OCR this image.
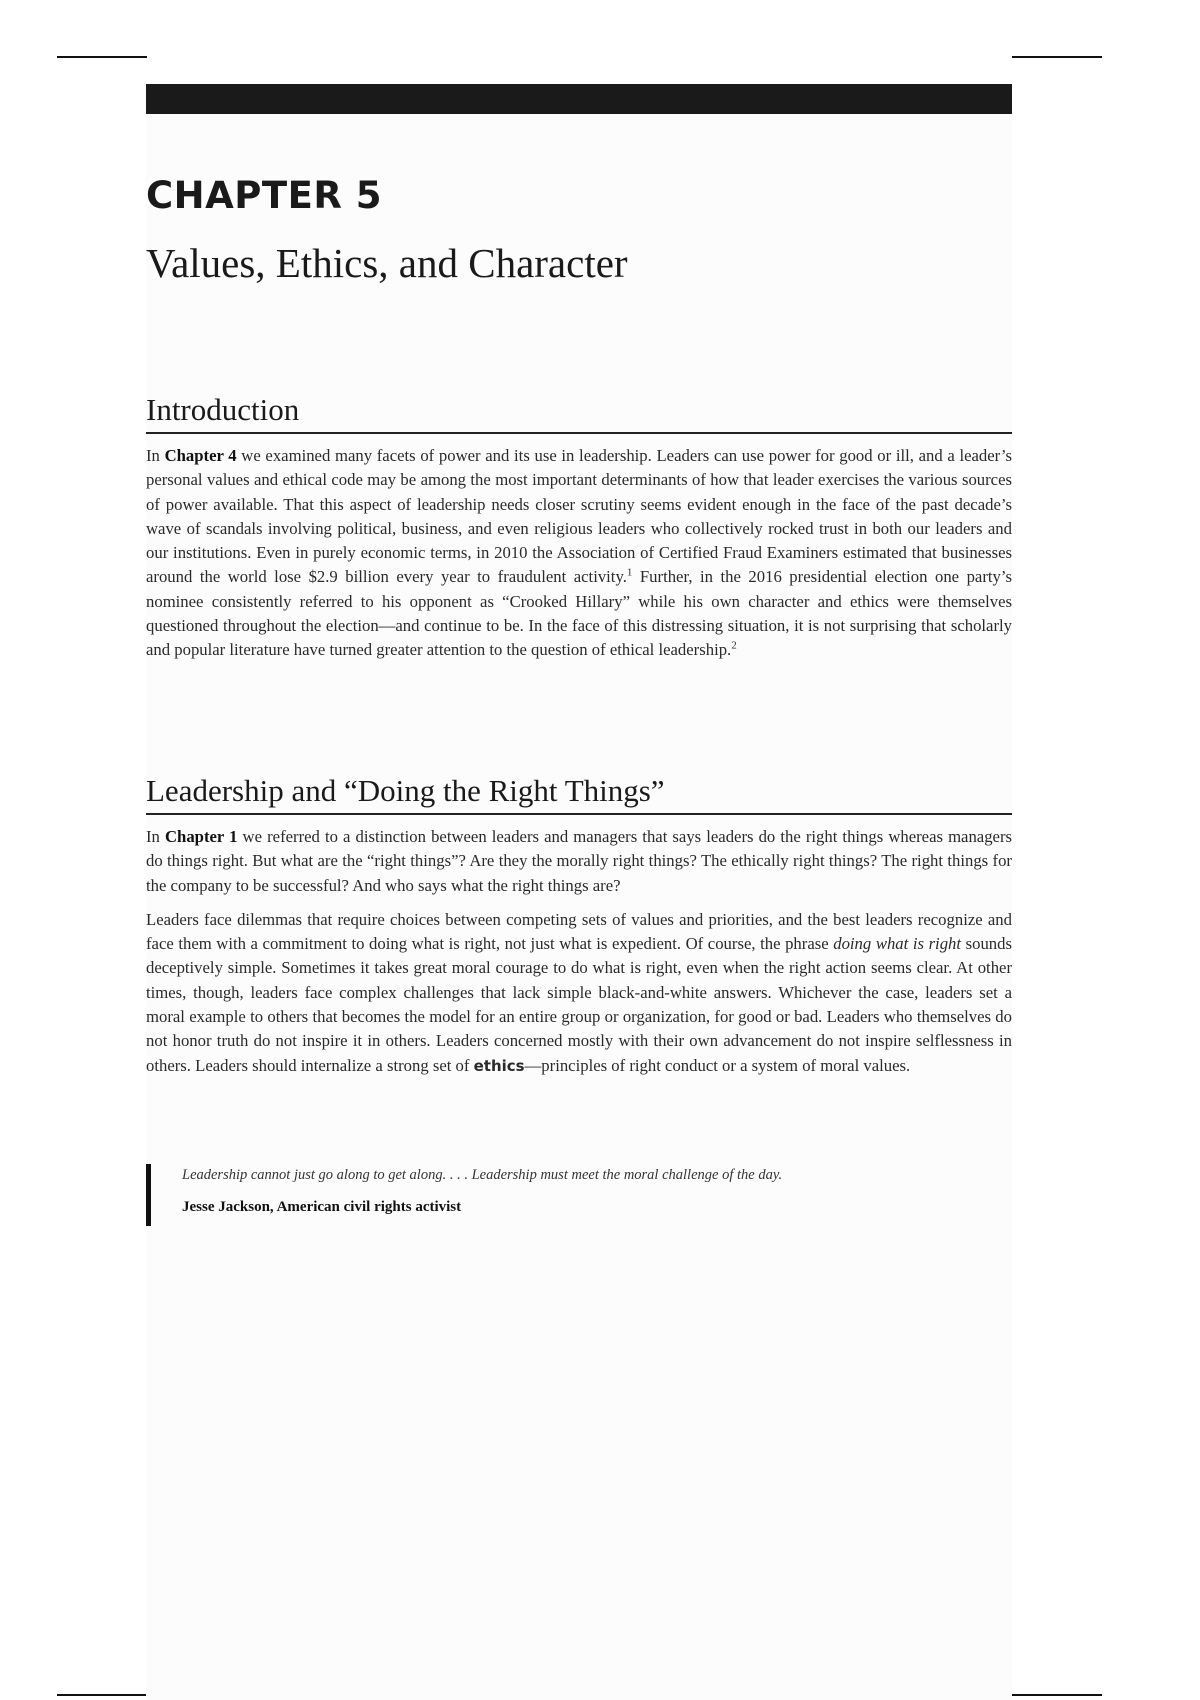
CHAPTER 5
Values, Ethics, and Character
Introduction

In Chapter 4 we examined many facets of power and its use in leadership. Leaders can use power for good or ill, and a leader’s personal values and ethical code may be among the most important determinants of how that leader exercises the various sources of power available. That this aspect of leadership needs closer scrutiny seems evident enough in the face of the past decade’s wave of scandals involving political, business, and even religious leaders who collectively rocked trust in both our leaders and our institutions. Even in purely economic terms, in 2010 the Association of Certified Fraud Examiners estimated that businesses around the world lose $2.9 billion every year to fraudulent activity.$^1$ Further, in the 2016 presidential election one party’s nominee consistently referred to his opponent as “Crooked Hillary” while his own character and ethics were themselves questioned throughout the election—and continue to be. In the face of this distressing situation, it is not surprising that scholarly and popular literature have turned greater attention to the question of ethical leadership.$^2$

Leadership and “Doing the Right Things”

In Chapter 1 we referred to a distinction between leaders and managers that says leaders do the right things whereas managers do things right. But what are the “right things”? Are they the morally right things? The ethically right things? The right things for the company to be successful? And who says what the right things are?

Leaders face dilemmas that require choices between competing sets of values and priorities, and the best leaders recognize and face them with a commitment to doing what is right, not just what is expedient. Of course, the phrase doing what is right sounds deceptively simple. Sometimes it takes great moral courage to do what is right, even when the right action seems clear. At other times, though, leaders face complex challenges that lack simple black-and-white answers. Whichever the case, leaders set a moral example to others that becomes the model for an entire group or organization, for good or bad. Leaders who themselves do not honor truth do not inspire it in others. Leaders concerned mostly with their own advancement do not inspire selflessness in others. Leaders should internalize a strong set of ethics—principles of right conduct or a system of moral values.

Leadership cannot just go along to get along. . . . Leadership must meet the moral challenge of the day.
Jesse Jackson, American civil rights activist
